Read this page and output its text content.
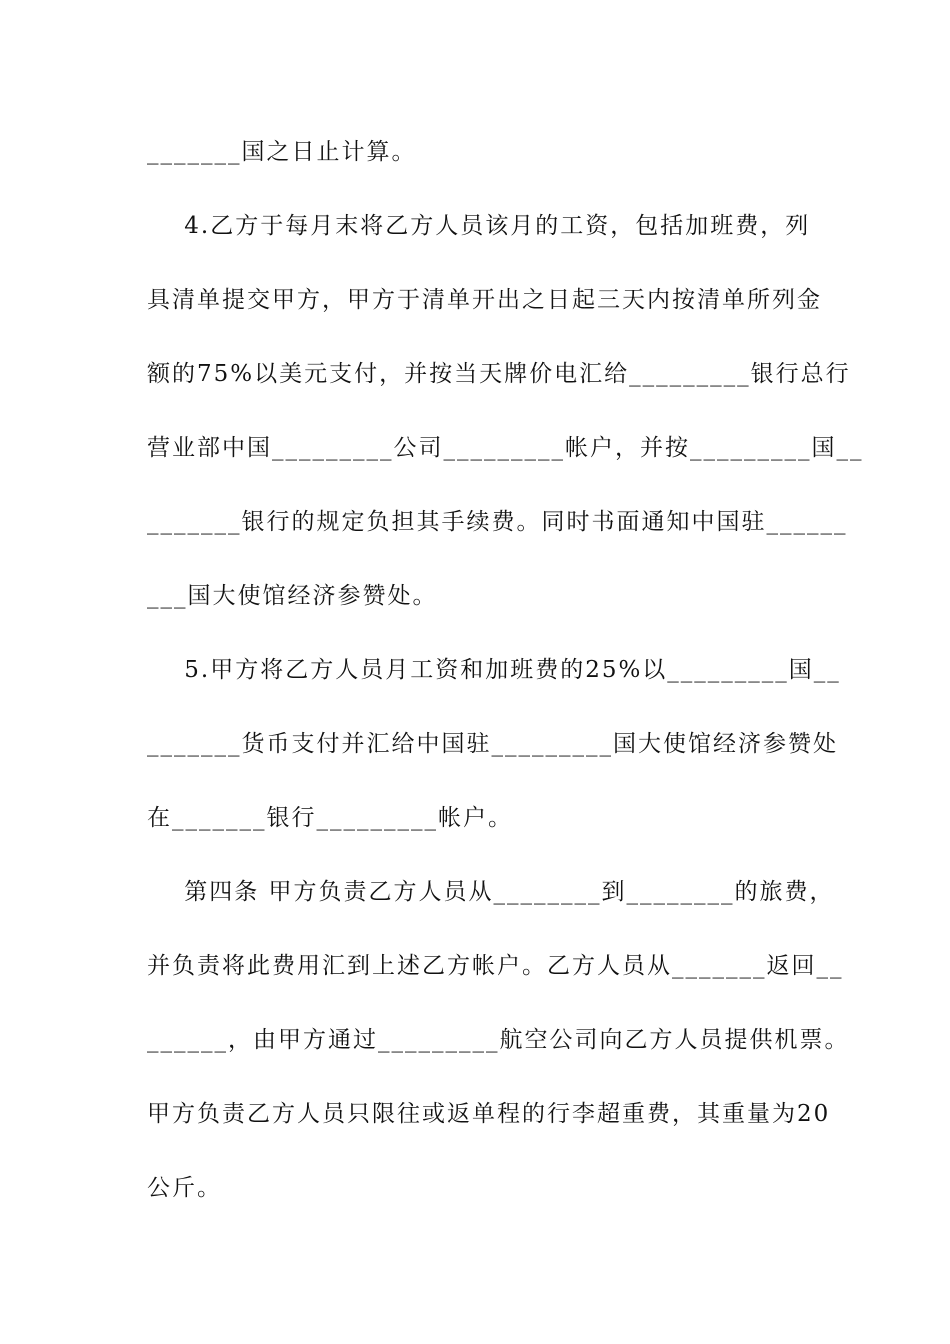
_______国之日止计算。
4.乙方于每月末将乙方人员该月的工资，包括加班费，列
具清单提交甲方，甲方于清单开出之日起三天内按清单所列金
额的75%以美元支付，并按当天牌价电汇给_________银行总行
营业部中国_________公司_________帐户，并按_________国__
_______银行的规定负担其手续费。同时书面通知中国驻______
___国大使馆经济参赞处。
5.甲方将乙方人员月工资和加班费的25%以_________国__
_______货币支付并汇给中国驻_________国大使馆经济参赞处
在_______银行_________帐户。
第四条 甲方负责乙方人员从________到________的旅费，
并负责将此费用汇到上述乙方帐户。乙方人员从_______返回__
______，由甲方通过_________航空公司向乙方人员提供机票。
甲方负责乙方人员只限往或返单程的行李超重费，其重量为20
公斤。
